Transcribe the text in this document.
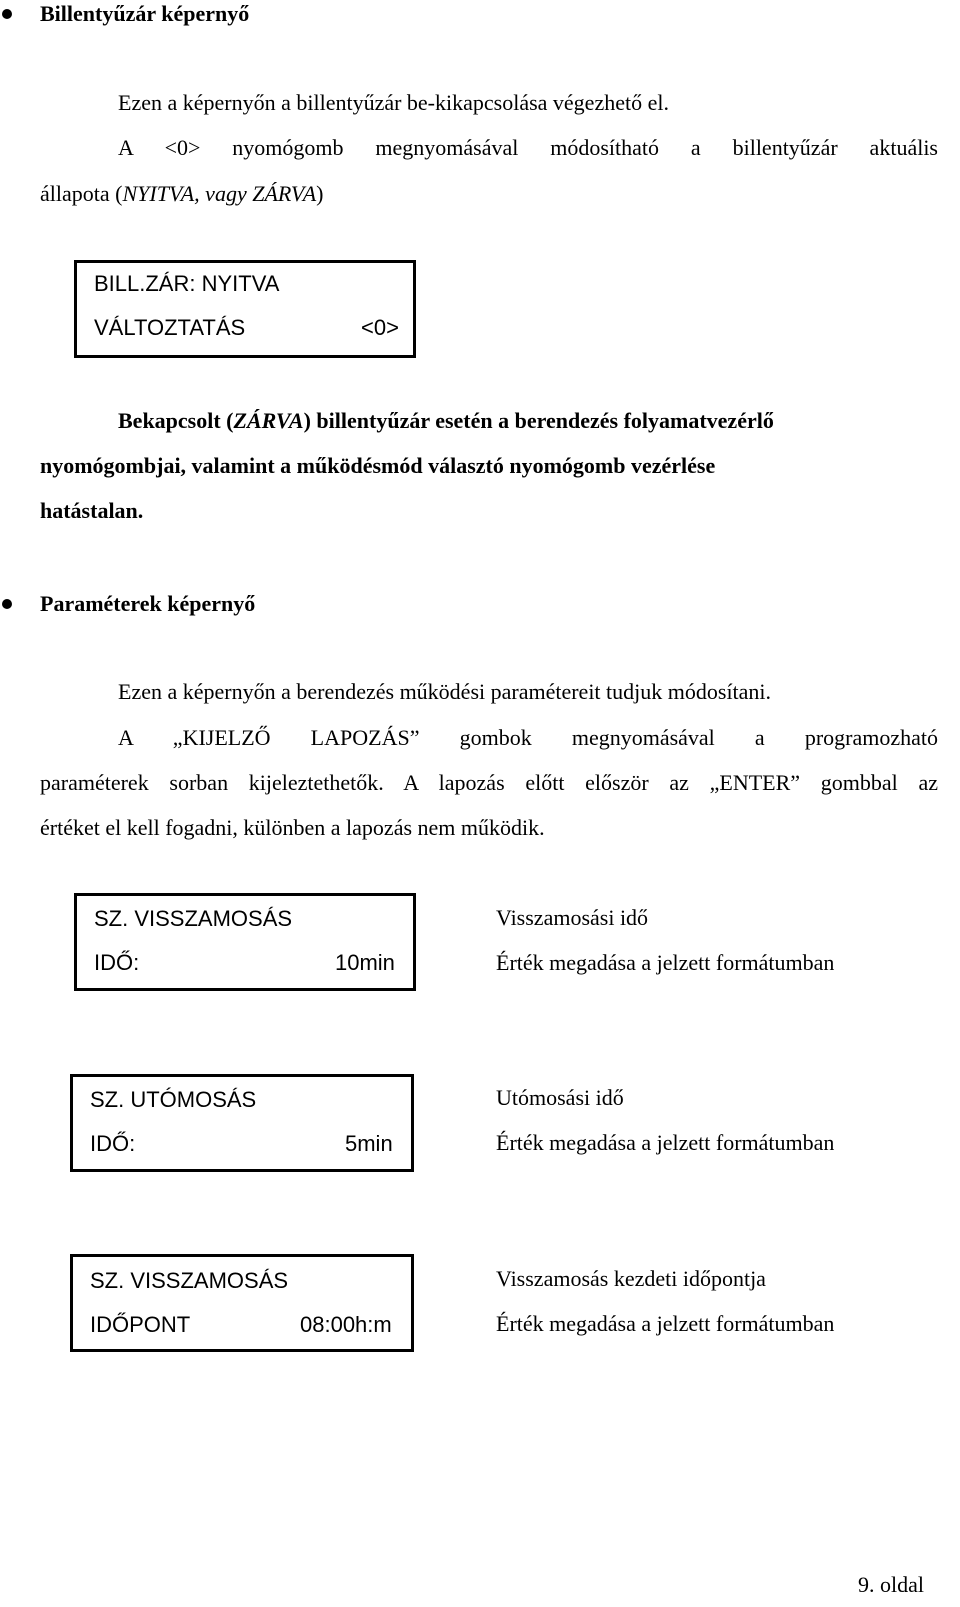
Billentyűzár képernyő
Ezen a képernyőn a billentyűzár be-kikapcsolása végezhető el.
A <0> nyomógomb megnyomásával módosítható a billentyűzár aktuális
állapota (NYITVA, vagy ZÁRVA)
BILL.ZÁR: NYITVA
VÁLTOZTATÁS	<0>
Bekapcsolt (ZÁRVA) billentyűzár esetén a berendezés folyamatvezérlő
nyomógombjai, valamint a működésmód választó nyomógomb vezérlése
hatástalan.
Paraméterek képernyő
Ezen a képernyőn a berendezés működési paramétereit tudjuk módosítani.
A „KIJELZŐ LAPOZÁS” gombok megnyomásával a programozható
paraméterek sorban kijeleztethetők. A lapozás előtt először az „ENTER” gombbal az
értéket el kell fogadni, különben a lapozás nem működik.
SZ. VISSZAMOSÁS
IDŐ:	10min
Visszamosási idő
Érték megadása a jelzett formátumban
SZ. UTÓMOSÁS
IDŐ:	5min
Utómosási idő
Érték megadása a jelzett formátumban
SZ. VISSZAMOSÁS
IDŐPONT	08:00h:m
Visszamosás kezdeti időpontja
Érték megadása a jelzett formátumban
9. oldal
